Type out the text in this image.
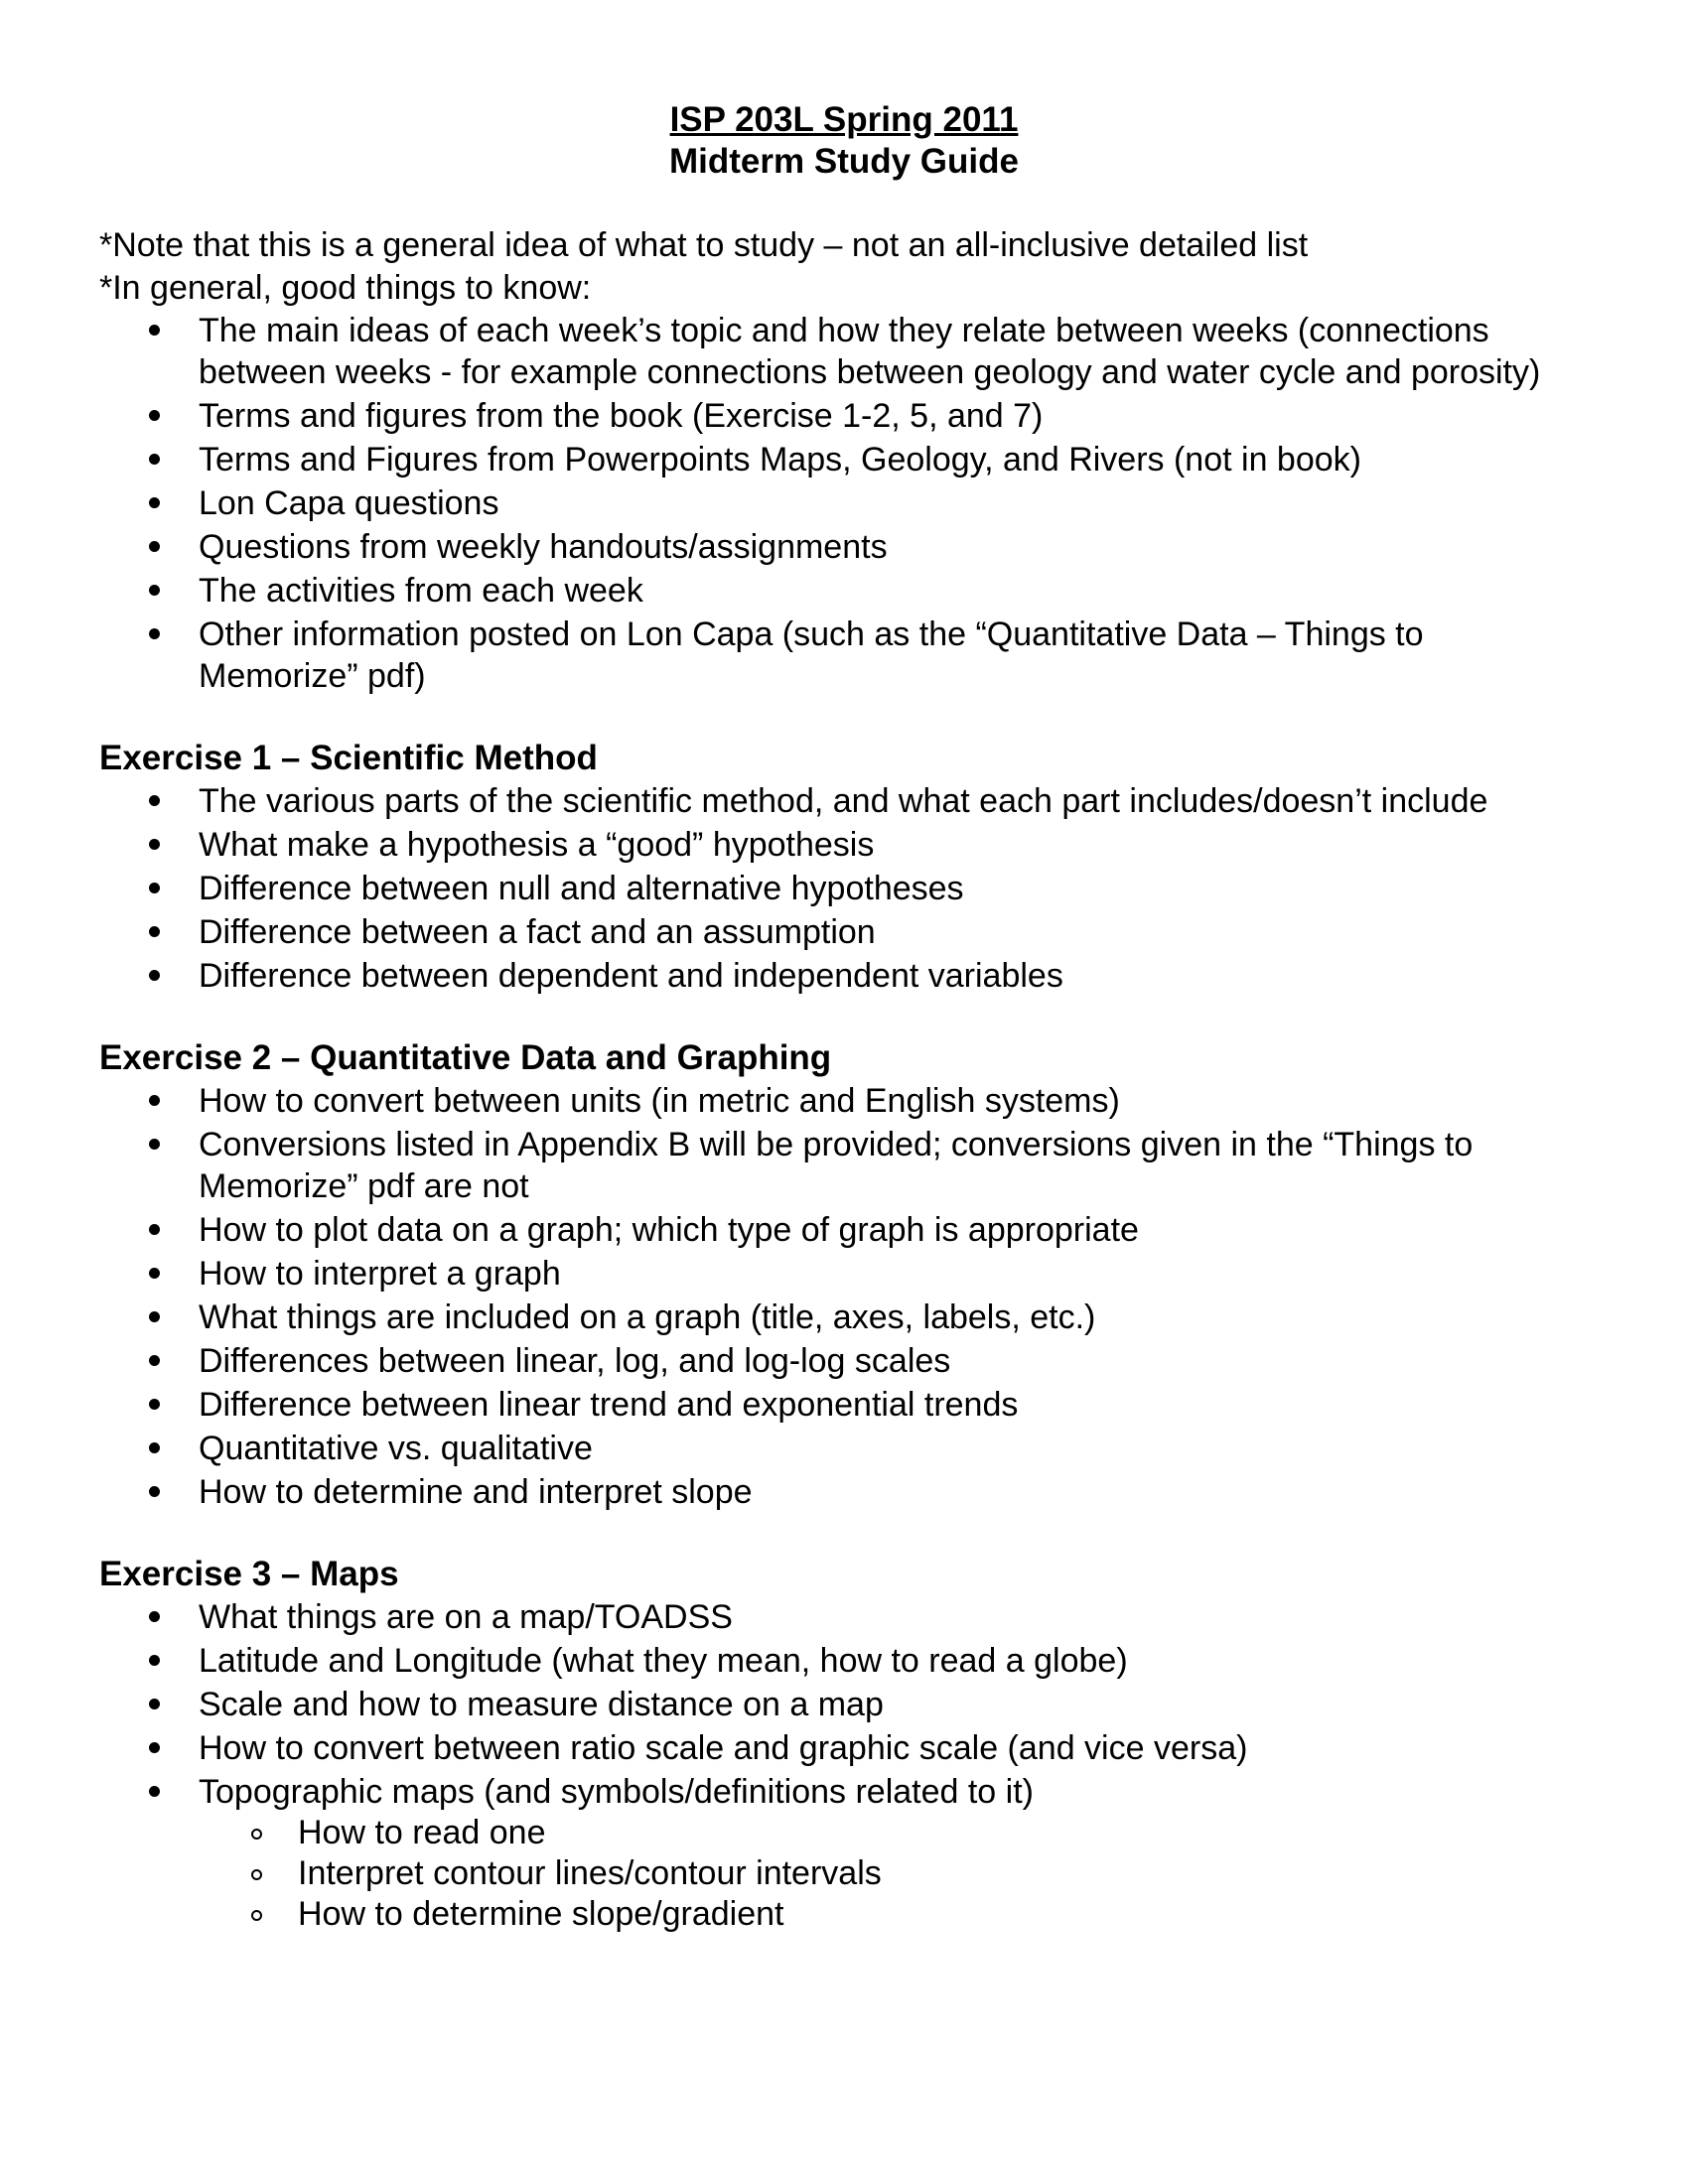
ISP 203L Spring 2011

Midterm Study Guide

*Note that this is a general idea of what to study – not an all-inclusive detailed list

*In general, good things to know:

The main ideas of each week’s topic and how they relate between weeks (connections between weeks - for example connections between geology and water cycle and porosity)
Terms and figures from the book (Exercise 1-2, 5, and 7)
Terms and Figures from Powerpoints Maps, Geology, and Rivers (not in book)
Lon Capa questions
Questions from weekly handouts/assignments
The activities from each week
Other information posted on Lon Capa (such as the “Quantitative Data – Things to Memorize” pdf)

Exercise 1 – Scientific Method

The various parts of the scientific method, and what each part includes/doesn’t include
What make a hypothesis a “good” hypothesis
Difference between null and alternative hypotheses
Difference between a fact and an assumption
Difference between dependent and independent variables

Exercise 2 – Quantitative Data and Graphing

How to convert between units (in metric and English systems)
Conversions listed in Appendix B will be provided; conversions given in the “Things to Memorize” pdf are not
How to plot data on a graph; which type of graph is appropriate
How to interpret a graph
What things are included on a graph (title, axes, labels, etc.)
Differences between linear, log, and log-log scales
Difference between linear trend and exponential trends
Quantitative vs. qualitative
How to determine and interpret slope

Exercise 3 – Maps

What things are on a map/TOADSS
Latitude and Longitude (what they mean, how to read a globe)
Scale and how to measure distance on a map
How to convert between ratio scale and graphic scale (and vice versa)
Topographic maps (and symbols/definitions related to it)
How to read one
Interpret contour lines/contour intervals
How to determine slope/gradient
